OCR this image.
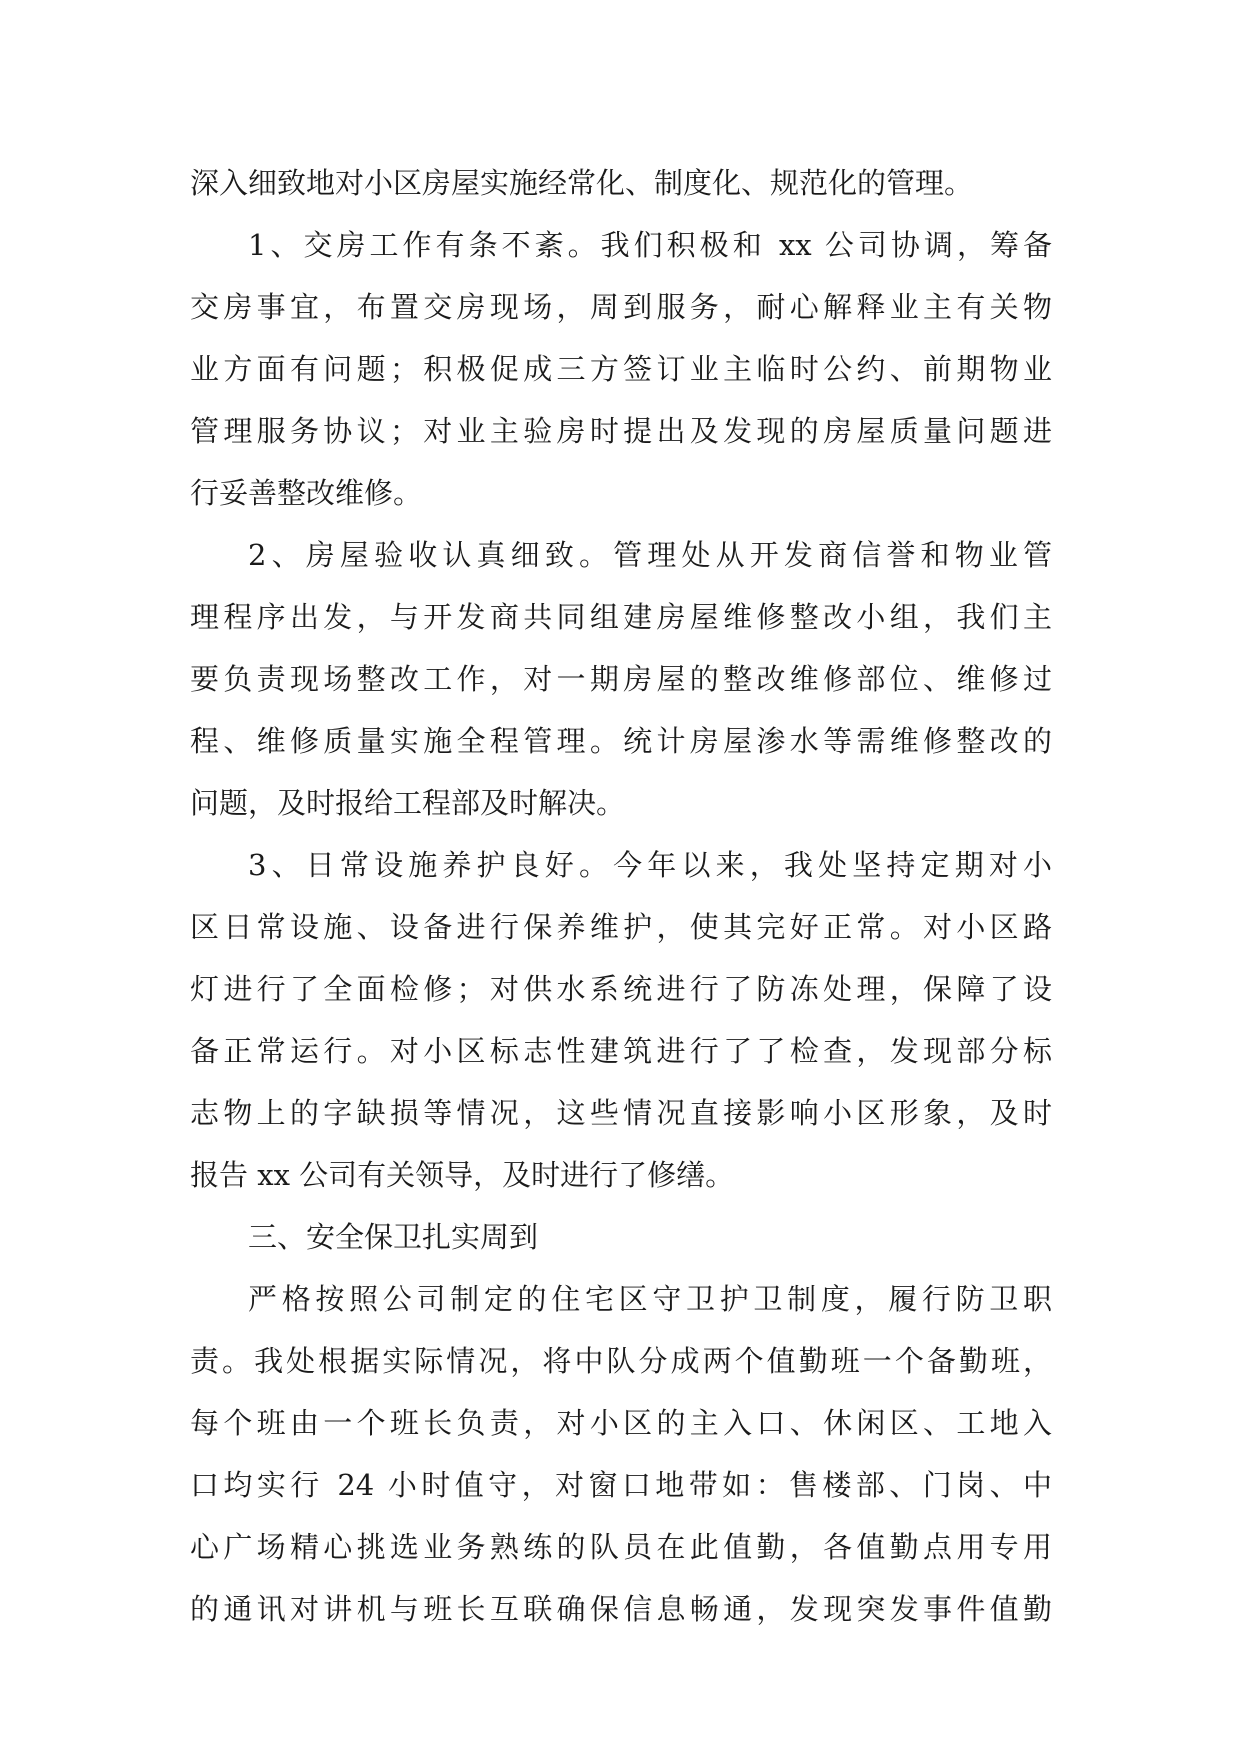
深入细致地对小区房屋实施经常化、制度化、规范化的管理。
1、交房工作有条不紊。我们积极和 xx 公司协调，筹备
交房事宜，布置交房现场，周到服务，耐心解释业主有关物
业方面有问题；积极促成三方签订业主临时公约、前期物业
管理服务协议；对业主验房时提出及发现的房屋质量问题进
行妥善整改维修。
2、房屋验收认真细致。管理处从开发商信誉和物业管
理程序出发，与开发商共同组建房屋维修整改小组，我们主
要负责现场整改工作，对一期房屋的整改维修部位、维修过
程、维修质量实施全程管理。统计房屋渗水等需维修整改的
问题，及时报给工程部及时解决。
3、日常设施养护良好。今年以来，我处坚持定期对小
区日常设施、设备进行保养维护，使其完好正常。对小区路
灯进行了全面检修；对供水系统进行了防冻处理，保障了设
备正常运行。对小区标志性建筑进行了了检查，发现部分标
志物上的字缺损等情况，这些情况直接影响小区形象，及时
报告 xx 公司有关领导，及时进行了修缮。
三、安全保卫扎实周到
严格按照公司制定的住宅区守卫护卫制度，履行防卫职
责。我处根据实际情况，将中队分成两个值勤班一个备勤班，
每个班由一个班长负责，对小区的主入口、休闲区、工地入
口均实行 24 小时值守，对窗口地带如：售楼部、门岗、中
心广场精心挑选业务熟练的队员在此值勤，各值勤点用专用
的通讯对讲机与班长互联确保信息畅通，发现突发事件值勤
